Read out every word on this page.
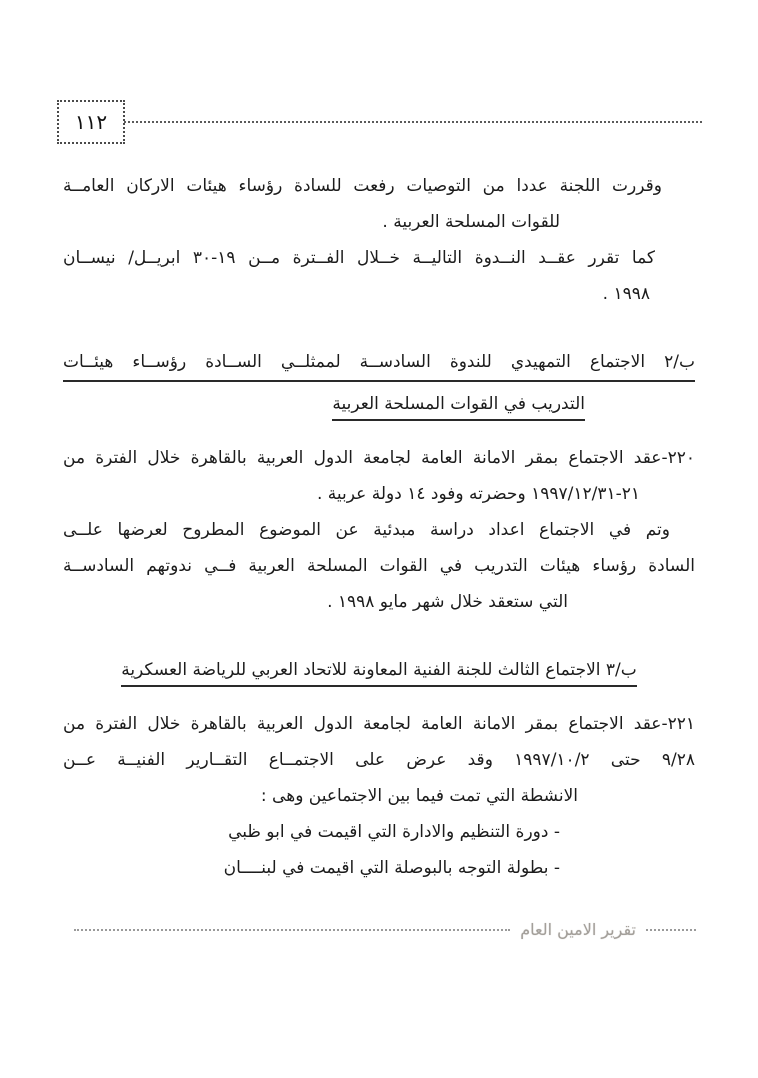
١١٢
وقررت اللجنة عددا من التوصيات رفعت للسادة رؤساء هيئات الاركان العامــة
للقوات المسلحة العربية .
كما تقرر عقــد النــدوة التاليــة خــلال الفــترة مــن ١٩-٣٠ ابريــل/ نيســان
١٩٩٨ .
ب/٢ الاجتماع التمهيدي للندوة السادســة لممثلــي الســادة رؤســاء هيئــات
التدريب في القوات المسلحة العربية
٢٢٠-عقد الاجتماع بمقر الامانة العامة لجامعة الدول العربية بالقاهرة خلال الفترة من
٢١-٣١‏/‏١٢‏/‏١٩٩٧ وحضرته وفود ١٤ دولة عربية .
وتم في الاجتماع اعداد دراسة مبدئية عن الموضوع المطروح لعرضها علــى
السادة رؤساء هيئات التدريب في القوات المسلحة العربية فــي ندوتهم السادســة
التي ستعقد خلال شهر مايو ١٩٩٨ .
ب/٣ الاجتماع الثالث للجنة الفنية المعاونة للاتحاد العربي للرياضة العسكرية
٢٢١-عقد الاجتماع بمقر الامانة العامة لجامعة الدول العربية بالقاهرة خلال الفترة من
٢٨‏/‏٩ حتى ٢‏/‏١٠‏/‏١٩٩٧ وقد عرض على الاجتمــاع التقــارير الفنيــة عــن
الانشطة التي تمت فيما بين الاجتماعين وهى :
- دورة التنظيم والادارة التي اقيمت في ابو ظبي
- بطولة التوجه بالبوصلة التي اقيمت في لبنــــان
تقرير الامين العام
